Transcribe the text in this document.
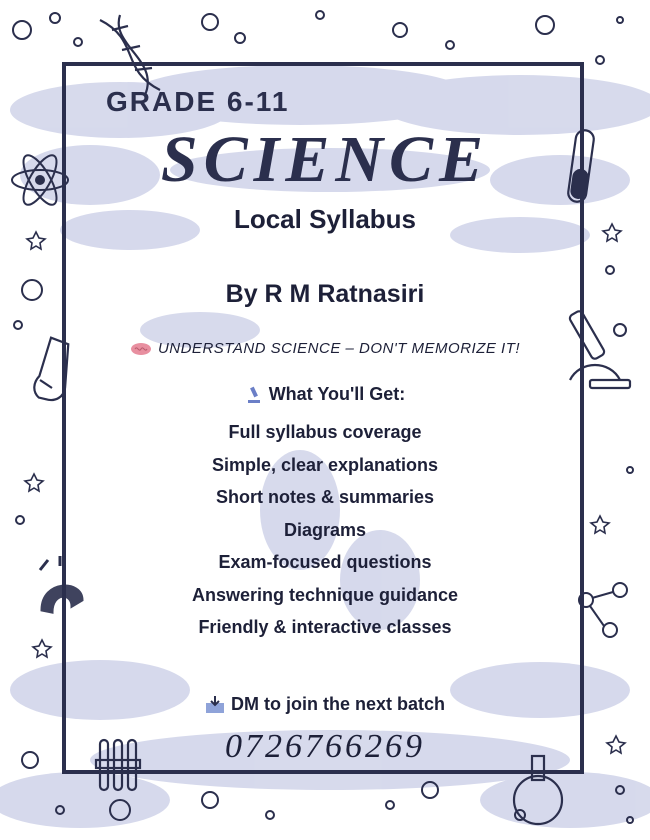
GRADE 6-11
SCIENCE
Local Syllabus
By R M Ratnasiri
UNDERSTAND SCIENCE – DON'T MEMORIZE IT!
What You'll Get:
Full syllabus coverage
Simple, clear explanations
Short notes & summaries
Diagrams
Exam-focused questions
Answering technique guidance
Friendly & interactive classes
DM to join the next batch
0726766269
